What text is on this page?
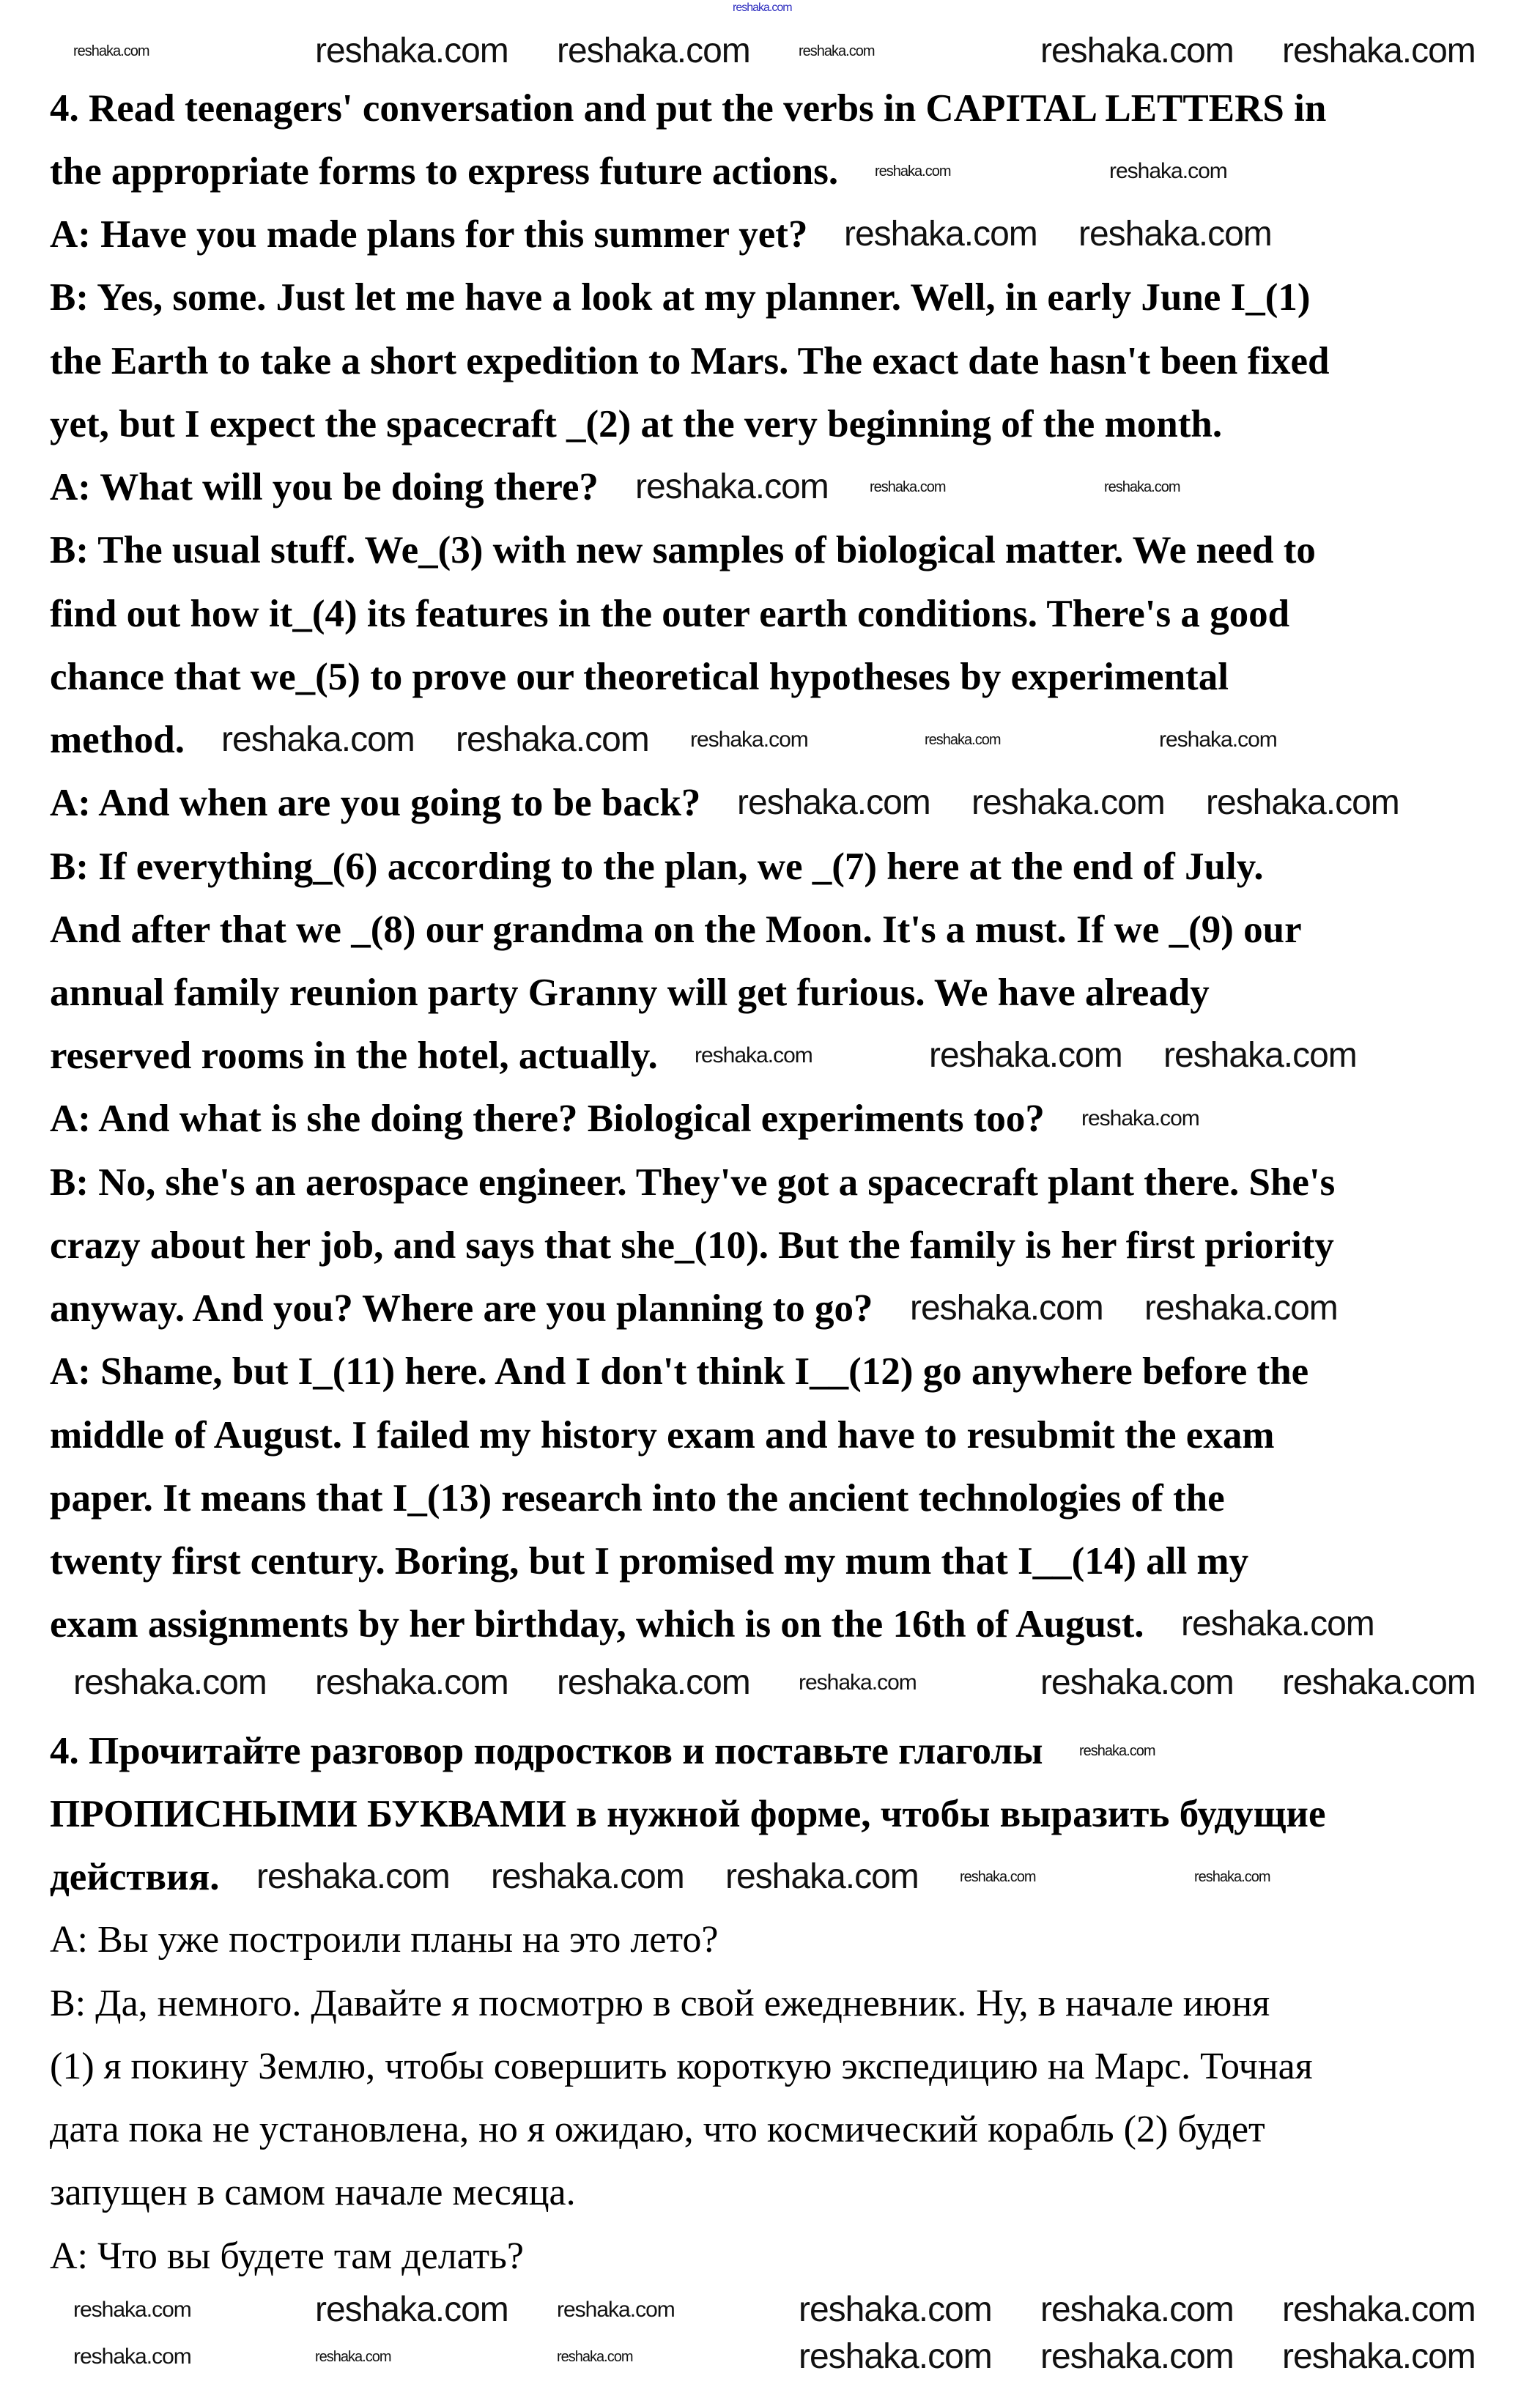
4. Read teenagers' conversation and put the verbs in CAPITAL LETTERS in
the appropriate forms to express future actions.
A: Have you made plans for this summer yet?
B: Yes, some. Just let me have a look at my planner. Well, in early June I_(1)
the Earth to take a short expedition to Mars. The exact date hasn't been fixed
yet, but I expect the spacecraft _(2) at the very beginning of the month.
A: What will you be doing there?
B: The usual stuff. We_(3) with new samples of biological matter. We need to
find out how it_(4) its features in the outer earth conditions. There's a good
chance that we_(5) to prove our theoretical hypotheses by experimental
method.
A: And when are you going to be back?
B: If everything_(6) according to the plan, we _(7) here at the end of July.
And after that we _(8) our grandma on the Moon. It's a must. If we _(9) our
annual family reunion party Granny will get furious. We have already
reserved rooms in the hotel, actually.
A: And what is she doing there? Biological experiments too?
B: No, she's an aerospace engineer. They've got a spacecraft plant there. She's
crazy about her job, and says that she_(10). But the family is her first priority
anyway. And you? Where are you planning to go?
A: Shame, but I_(11) here. And I don't think I__(12) go anywhere before the
middle of August. I failed my history exam and have to resubmit the exam
paper. It means that I_(13) research into the ancient technologies of the
twenty first century. Boring, but I promised my mum that I__(14) all my
exam assignments by her birthday, which is on the 16th of August.
4. Прочитайте разговор подростков и поставьте глаголы
ПРОПИСНЫМИ БУКВАМИ в нужной форме, чтобы выразить будущие
действия.
A: Вы уже построили планы на это лето?
B: Да, немного. Давайте я посмотрю в свой ежедневник. Ну, в начале июня
(1) я покину Землю, чтобы совершить короткую экспедицию на Марс. Точная
дата пока не установлена, но я ожидаю, что космический корабль (2) будет
запущен в самом начале месяца.
A: Что вы будете там делать?
reshaka.com
reshaka.com	reshaka.com reshaka.com	reshaka.com	reshaka.com reshaka.com
reshaka.com reshaka.com reshaka.com reshaka.com	reshaka.com reshaka.com
reshaka.com	reshaka.com reshaka.com	reshaka.com reshaka.com reshaka.com
reshaka.com	reshaka.com	reshaka.com	reshaka.com reshaka.com reshaka.com
reshaka.com	reshaka.com
reshaka.com reshaka.com
reshaka.com	reshaka.com	reshaka.com
reshaka.com reshaka.com reshaka.com	reshaka.com	reshaka.com
reshaka.com reshaka.com reshaka.com
reshaka.com	reshaka.com reshaka.com
reshaka.com
reshaka.com reshaka.com
reshaka.com
reshaka.com
reshaka.com reshaka.com reshaka.com	reshaka.com	reshaka.com
